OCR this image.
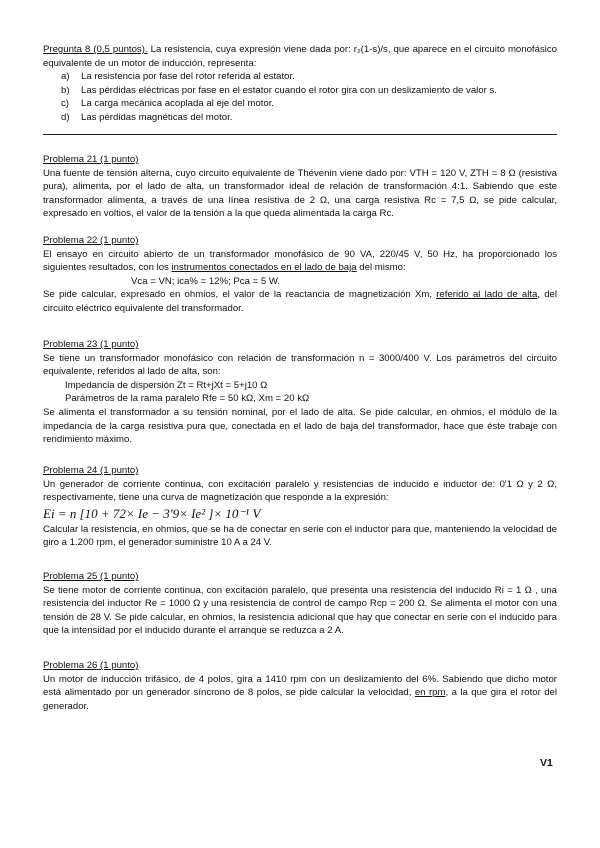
Pregunta 8 (0,5 puntos). La resistencia, cuya expresión viene dada por: r₂(1-s)/s, que aparece en el circuito monofásico equivalente de un motor de inducción, representa:
a)	La resistencia por fase del rotor referida al estator.
b)	Las pérdidas eléctricas por fase en el estator cuando el rotor gira con un deslizamiento de valor s.
c)	La carga mecánica acoplada al eje del motor.
d)	Las pérdidas magnéticas del motor.
Problema 21 (1 punto)
Una fuente de tensión alterna, cuyo circuito equivalente de Thévenin viene dado por: VTH = 120 V, ZTH = 8 Ω (resistiva pura), alimenta, por el lado de alta, un transformador ideal de relación de transformación 4:1. Sabiendo que este transformador alimenta, a través de una línea resistiva de 2 Ω, una carga resistiva Rc = 7,5 Ω, se pide calcular, expresado en voltios, el valor de la tensión a la que queda alimentada la carga Rc.
Problema 22 (1 punto)
El ensayo en circuito abierto de un transformador monofásico de 90 VA, 220/45 V, 50 Hz, ha proporcionado los siguientes resultados, con los instrumentos conectados en el lado de baja del mismo:
Vca = VN; ica% = 12%; Pca = 5 W.
Se pide calcular, expresado en ohmios, el valor de la reactancia de magnetización Xm, referido al lado de alta, del circuito eléctrico equivalente del transformador.
Problema 23 (1 punto)
Se tiene un transformador monofásico con relación de transformación n = 3000/400 V. Los parámetros del circuito equivalente, referidos al lado de alta, son:
Impedancia de dispersión Zt = Rt+jXt = 5+j10 Ω
Parámetros de la rama paralelo Rfe = 50 kΩ, Xm = 20 kΩ
Se alimenta el transformador a su tensión nominal, por el lado de alta. Se pide calcular, en ohmios, el módulo de la impedancia de la carga resistiva pura que, conectada en el lado de baja del transformador, hace que éste trabaje con rendimiento máximo.
Problema 24 (1 punto)
Un generador de corriente continua, con excitación paralelo y resistencias de inducido e inductor de: 0'1 Ω y 2 Ω, respectivamente, tiene una curva de magnetización que responde a la expresión:
Ei = n [10 + 72× Ie − 3'9× Ie² ]× 10⁻¹ V
Calcular la resistencia, en ohmios, que se ha de conectar en serie con el inductor para que, manteniendo la velocidad de giro a 1.200 rpm, el generador suministre 10 A a 24 V.
Problema 25 (1 punto)
Se tiene motor de corriente continua, con excitación paralelo, que presenta una resistencia del inducido Ri = 1 Ω , una resistencia del inductor Re = 1000 Ω y una resistencia de control de campo Rcp = 200 Ω. Se alimenta el motor con una tensión de 28 V. Se pide calcular, en ohmios, la resistencia adicional que hay que conectar en serie con el inducido para que la intensidad por el inducido durante el arranque se reduzca a 2 A.
Problema 26 (1 punto)
Un motor de inducción trifásico, de 4 polos, gira a 1410 rpm con un deslizamiento del 6%. Sabiendo que dicho motor está alimentado por un generador síncrono de 8 polos, se pide calcular la velocidad, en rpm, a la que gira el rotor del generador.
V1
